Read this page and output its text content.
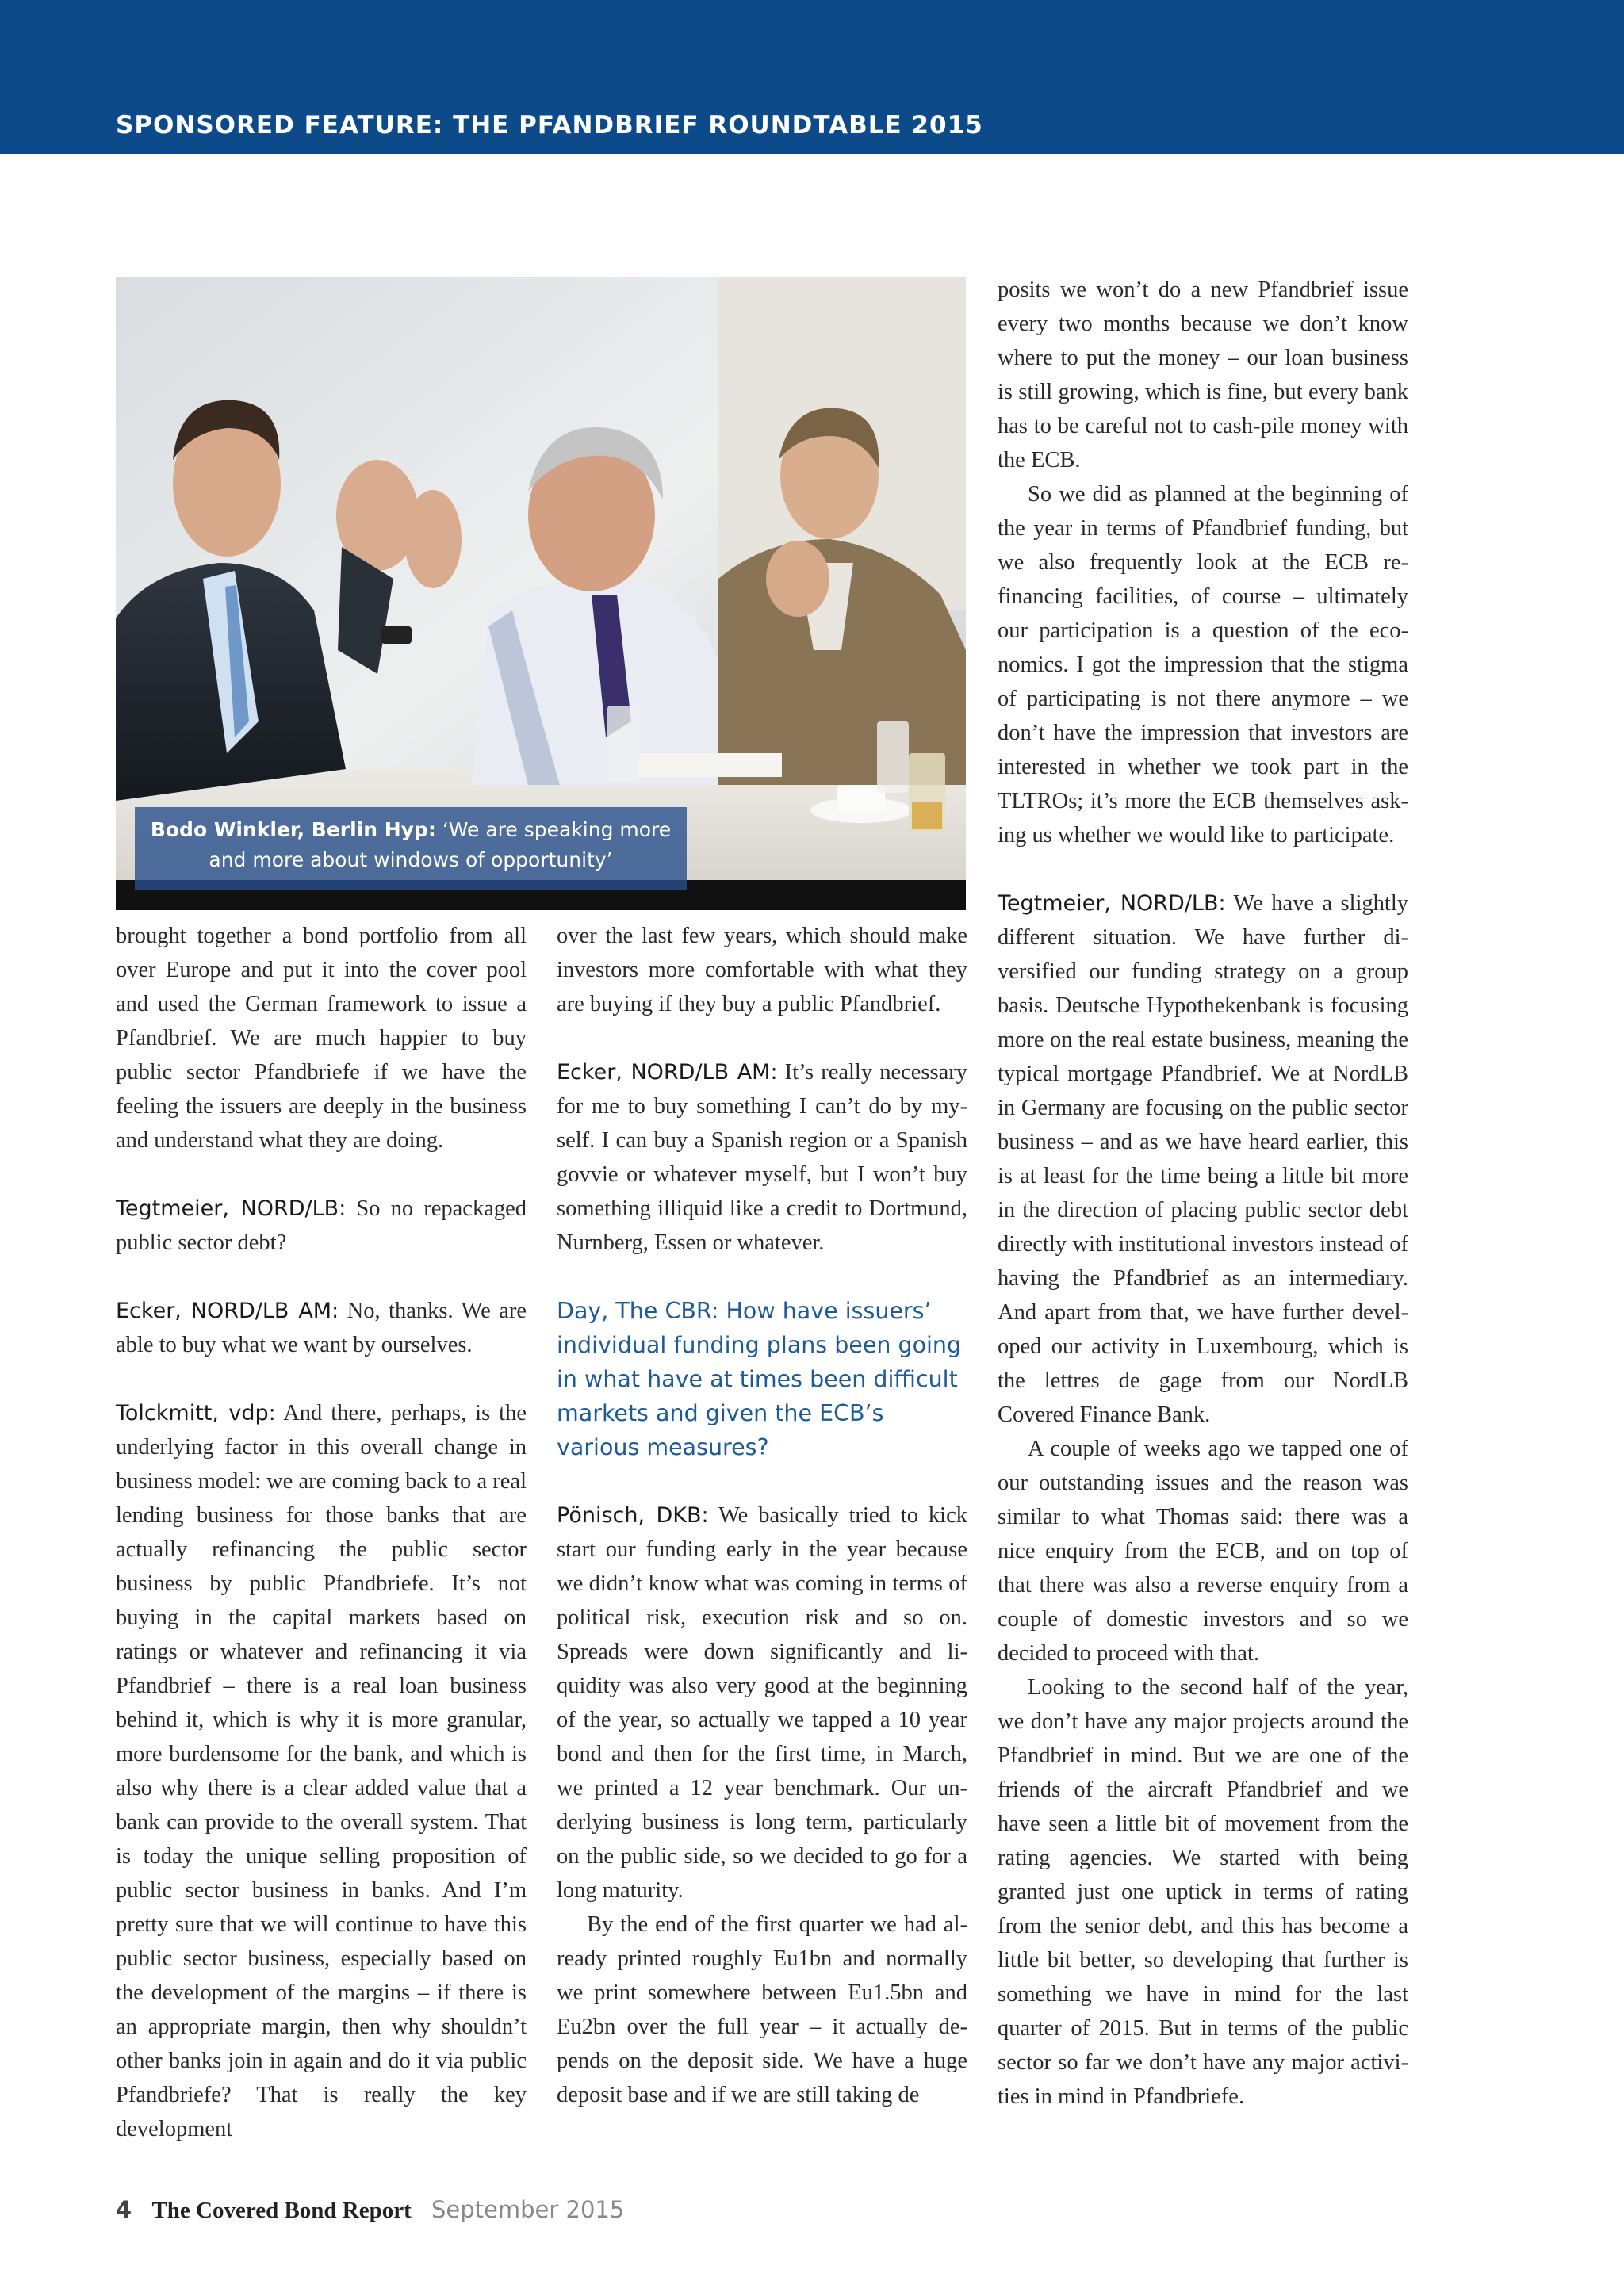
SPONSORED FEATURE: THE PFANDBRIEF ROUNDTABLE 2015
Bodo Winkler, Berlin Hyp: ‘We are speaking more and more about windows of opportunity’

brought together a bond portfolio from all over Europe and put it into the cover pool and used the German framework to issue a Pfandbrief. We are much happier to buy public sector Pfandbriefe if we have the feeling the issuers are deeply in the business and understand what they are doing.

Tegtmeier, NORD/LB: So no repackaged public sector debt?

Ecker, NORD/LB AM: No, thanks. We are able to buy what we want by ourselves.

Tolckmitt, vdp: And there, perhaps, is the underlying factor in this overall change in business model: we are coming back to a real lending business for those banks that are actually refinancing the public sector business by public Pfandbriefe. It’s not buying in the capital markets based on ratings or whatever and refinancing it via Pfandbrief – there is a real loan business behind it, which is why it is more granular, more burdensome for the bank, and which is also why there is a clear added value that a bank can provide to the overall system. That is today the unique selling proposition of public sector business in banks. And I’m pretty sure that we will continue to have this public sector business, especially based on the development of the margins – if there is an appropriate margin, then why shouldn’t other banks join in again and do it via public Pfandbriefe? That is really the key development

over the last few years, which should make investors more comfortable with what they are buying if they buy a public Pfandbrief.

Ecker, NORD/LB AM: It’s really necessary for me to buy something I can’t do by myself. I can buy a Spanish region or a Spanish govvie or whatever myself, but I won’t buy something illiquid like a credit to Dortmund, Nurnberg, Essen or whatever.

Day, The CBR: How have issuers’ individual funding plans been going in what have at times been difficult markets and given the ECB’s various measures?

Pönisch, DKB: We basically tried to kick start our funding early in the year because we didn’t know what was coming in terms of political risk, execution risk and so on. Spreads were down significantly and liquidity was also very good at the beginning of the year, so actually we tapped a 10 year bond and then for the first time, in March, we printed a 12 year benchmark. Our underlying business is long term, particularly on the public side, so we decided to go for a long maturity.

By the end of the first quarter we had already printed roughly Eu1bn and normally we print somewhere between Eu1.5bn and Eu2bn over the full year – it actually depends on the deposit side. We have a huge deposit base and if we are still taking de

posits we won’t do a new Pfandbrief issue every two months because we don’t know where to put the money – our loan business is still growing, which is fine, but every bank has to be careful not to cash-pile money with the ECB.

So we did as planned at the beginning of the year in terms of Pfandbrief funding, but we also frequently look at the ECB refinancing facilities, of course – ultimately our participation is a question of the economics. I got the impression that the stigma of participating is not there anymore – we don’t have the impression that investors are interested in whether we took part in the TLTROs; it’s more the ECB themselves asking us whether we would like to participate.

Tegtmeier, NORD/LB: We have a slightly different situation. We have further diversified our funding strategy on a group basis. Deutsche Hypothekenbank is focusing more on the real estate business, meaning the typical mortgage Pfandbrief. We at NordLB in Germany are focusing on the public sector business – and as we have heard earlier, this is at least for the time being a little bit more in the direction of placing public sector debt directly with institutional investors instead of having the Pfandbrief as an intermediary. And apart from that, we have further developed our activity in Luxembourg, which is the lettres de gage from our NordLB Covered Finance Bank.

A couple of weeks ago we tapped one of our outstanding issues and the reason was similar to what Thomas said: there was a nice enquiry from the ECB, and on top of that there was also a reverse enquiry from a couple of domestic investors and so we decided to proceed with that.

Looking to the second half of the year, we don’t have any major projects around the Pfandbrief in mind. But we are one of the friends of the aircraft Pfandbrief and we have seen a little bit of movement from the rating agencies. We started with being granted just one uptick in terms of rating from the senior debt, and this has become a little bit better, so developing that further is something we have in mind for the last quarter of 2015. But in terms of the public sector so far we don’t have any major activities in mind in Pfandbriefe.

4 The Covered Bond Report September 2015
